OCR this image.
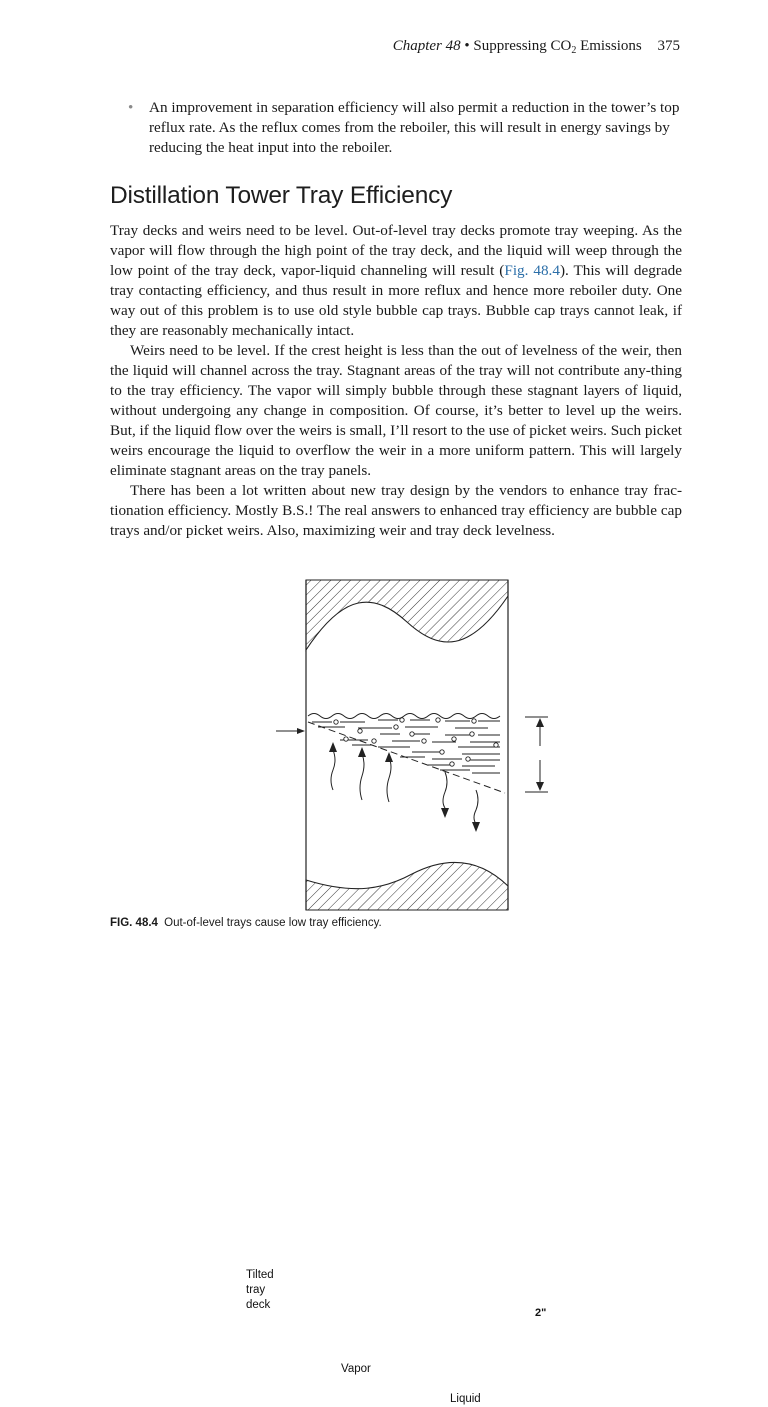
Chapter 48 • Suppressing $CO_2$ Emissions 375
•	An improvement in separation efficiency will also permit a reduction in the tower’s top reflux rate. As the reflux comes from the reboiler, this will result in energy savings by reducing the heat input into the reboiler.
Distillation Tower Tray Efficiency

Tray decks and weirs need to be level. Out-of-level tray decks promote tray weeping. As the vapor will flow through the high point of the tray deck, and the liquid will weep through the low point of the tray deck, vapor-liquid channeling will result (Fig. 48.4). This will degrade tray contacting efficiency, and thus result in more reflux and hence more reboiler duty. One way out of this problem is to use old style bubble cap trays. Bubble cap trays cannot leak, if they are reasonably mechanically intact.

Weirs need to be level. If the crest height is less than the out of levelness of the weir, then the liquid will channel across the tray. Stagnant areas of the tray will not contribute any-thing to the tray efficiency. The vapor will simply bubble through these stagnant layers of liquid, without undergoing any change in composition. Of course, it’s better to level up the weirs. But, if the liquid flow over the weirs is small, I’ll resort to the use of picket weirs. Such picket weirs encourage the liquid to overflow the weir in a more uniform pattern. This will largely eliminate stagnant areas on the tray panels.

There has been a lot written about new tray design by the vendors to enhance tray frac-tionation efficiency. Mostly B.S.! The real answers to enhanced tray efficiency are bubble cap trays and/or picket weirs. Also, maximizing weir and tray deck levelness.

Tilted
tray
deck
Vapor
Liquid
2"
FIG. 48.4 Out-of-level trays cause low tray efficiency.
